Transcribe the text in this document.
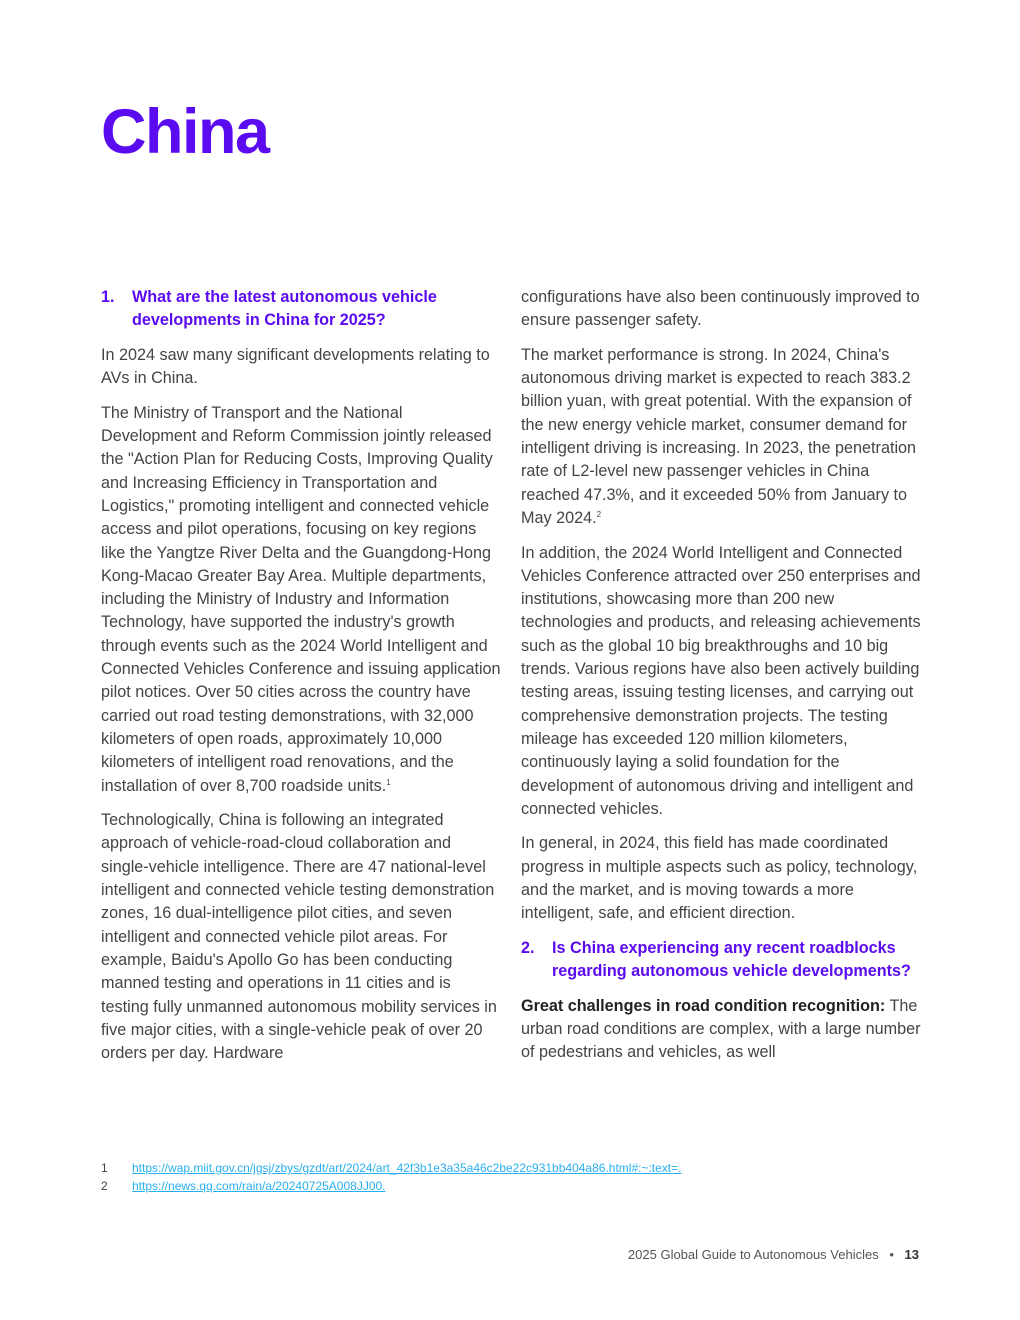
China
1.	What are the latest autonomous vehicle developments in China for 2025?

In 2024 saw many significant developments relating to AVs in China.

The Ministry of Transport and the National Development and Reform Commission jointly released the "Action Plan for Reducing Costs, Improving Quality and Increasing Efficiency in Transportation and Logistics," promoting intelligent and connected vehicle access and pilot operations, focusing on key regions like the Yangtze River Delta and the Guangdong-Hong Kong-Macao Greater Bay Area. Multiple departments, including the Ministry of Industry and Information Technology, have supported the industry's growth through events such as the 2024 World Intelligent and Connected Vehicles Conference and issuing application pilot notices. Over 50 cities across the country have carried out road testing demonstrations, with 32,000 kilometers of open roads, approximately 10,000 kilometers of intelligent road renovations, and the installation of over 8,700 roadside units.$^1$

Technologically, China is following an integrated approach of vehicle-road-cloud collaboration and single-vehicle intelligence. There are 47 national-level intelligent and connected vehicle testing demonstration zones, 16 dual-intelligence pilot cities, and seven intelligent and connected vehicle pilot areas. For example, Baidu's Apollo Go has been conducting manned testing and operations in 11 cities and is testing fully unmanned autonomous mobility services in five major cities, with a single-vehicle peak of over 20 orders per day. Hardware

configurations have also been continuously improved to ensure passenger safety.

The market performance is strong. In 2024, China's autonomous driving market is expected to reach 383.2 billion yuan, with great potential. With the expansion of the new energy vehicle market, consumer demand for intelligent driving is increasing. In 2023, the penetration rate of L2-level new passenger vehicles in China reached 47.3%, and it exceeded 50% from January to May 2024.$^2$

In addition, the 2024 World Intelligent and Connected Vehicles Conference attracted over 250 enterprises and institutions, showcasing more than 200 new technologies and products, and releasing achievements such as the global 10 big breakthroughs and 10 big trends. Various regions have also been actively building testing areas, issuing testing licenses, and carrying out comprehensive demonstration projects. The testing mileage has exceeded 120 million kilometers, continuously laying a solid foundation for the development of autonomous driving and intelligent and connected vehicles.

In general, in 2024, this field has made coordinated progress in multiple aspects such as policy, technology, and the market, and is moving towards a more intelligent, safe, and efficient direction.

2.	Is China experiencing any recent roadblocks regarding autonomous vehicle developments?

Great challenges in road condition recognition: The urban road conditions are complex, with a large number of pedestrians and vehicles, as well

1	https://wap.miit.gov.cn/jgsj/zbys/gzdt/art/2024/art_42f3b1e3a35a46c2be22c931bb404a86.html#:~:text=.
2	https://news.qq.com/rain/a/20240725A008JJ00.
2025 Global Guide to Autonomous Vehicles • 13
